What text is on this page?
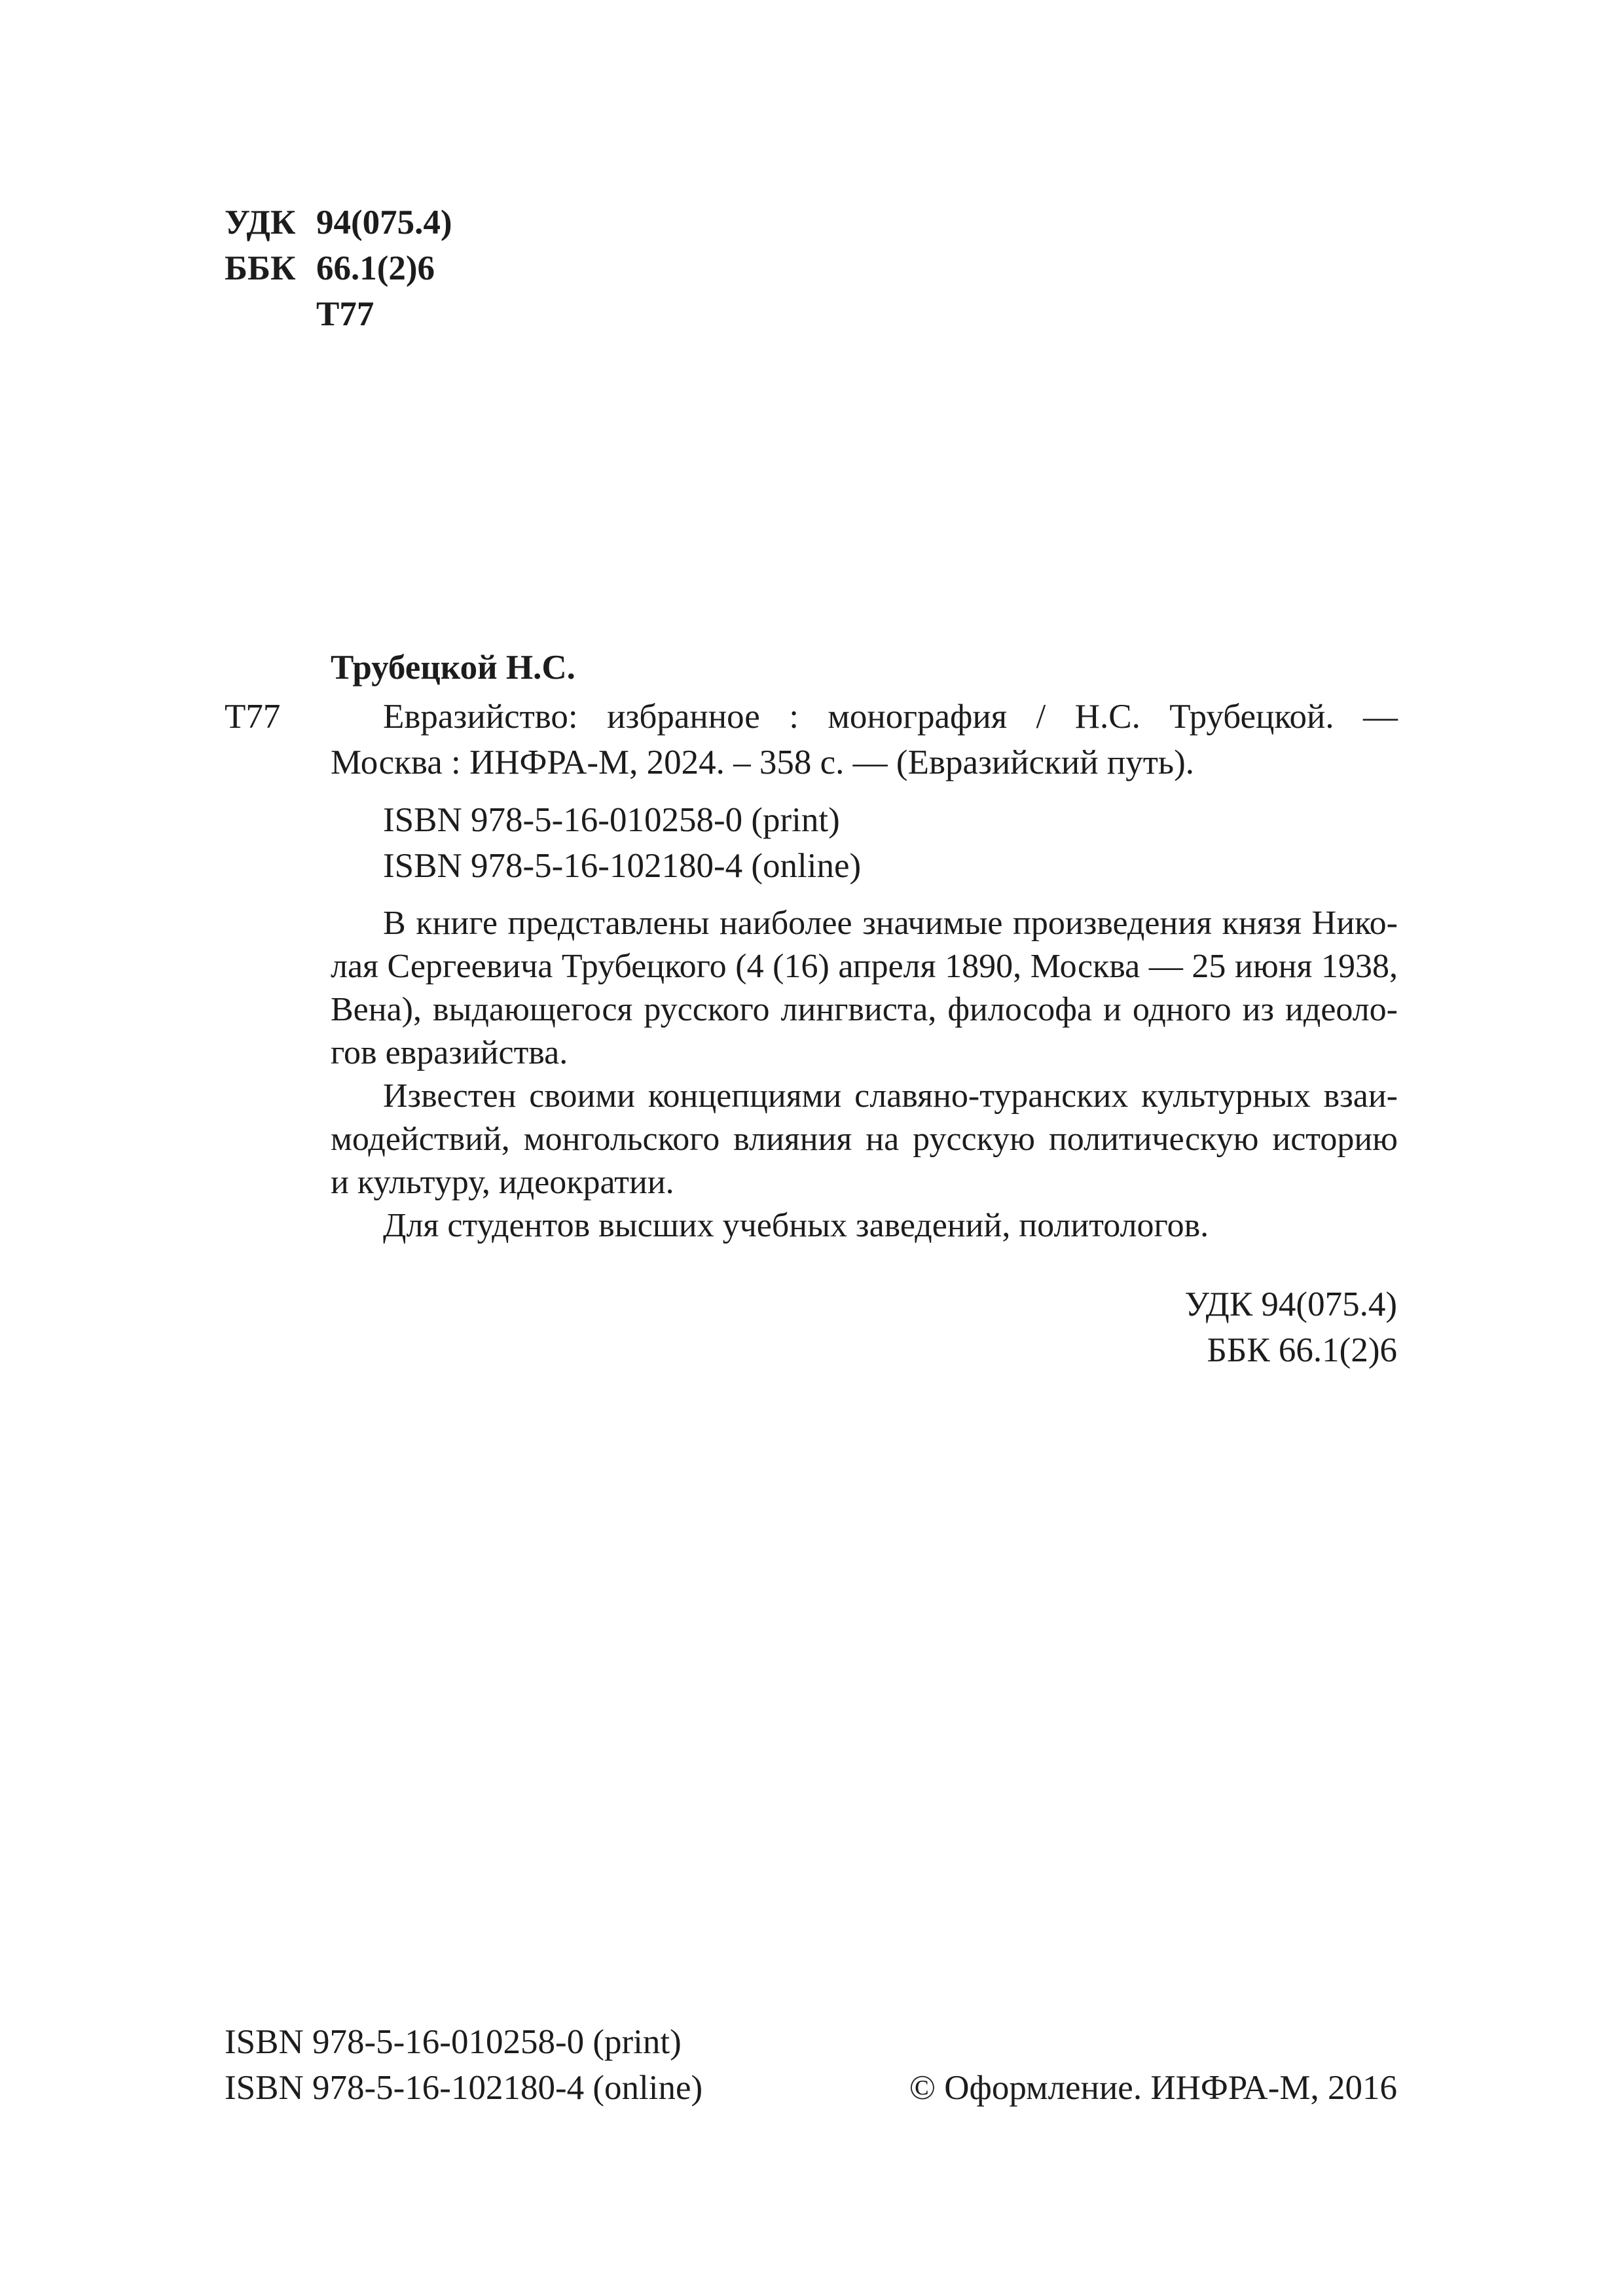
УДК 94(075.4)
ББК 66.1(2)6
Т77
Трубецкой Н.С.
Т77	Евразийство: избранное : монография / Н.С. Трубецкой. —
Москва : ИНФРА-М, 2024. – 358 с. — (Евразийский путь).
ISBN 978-5-16-010258-0 (print)
ISBN 978-5-16-102180-4 (online)
В книге представлены наиболее значимые произведения князя Нико-
лая Сергеевича Трубецкого (4 (16) апреля 1890, Москва — 25 июня 1938,
Вена), выдающегося русского лингвиста, философа и одного из идеоло-
гов евразийства.
Известен своими концепциями славяно-туранских культурных взаи-
модействий, монгольского влияния на русскую политическую историю
и культуру, идеократии.
Для студентов высших учебных заведений, политологов.
УДК 94(075.4)
ББК 66.1(2)6
ISBN 978-5-16-010258-0 (print)
ISBN 978-5-16-102180-4 (online)	© Оформление. ИНФРА-М, 2016
